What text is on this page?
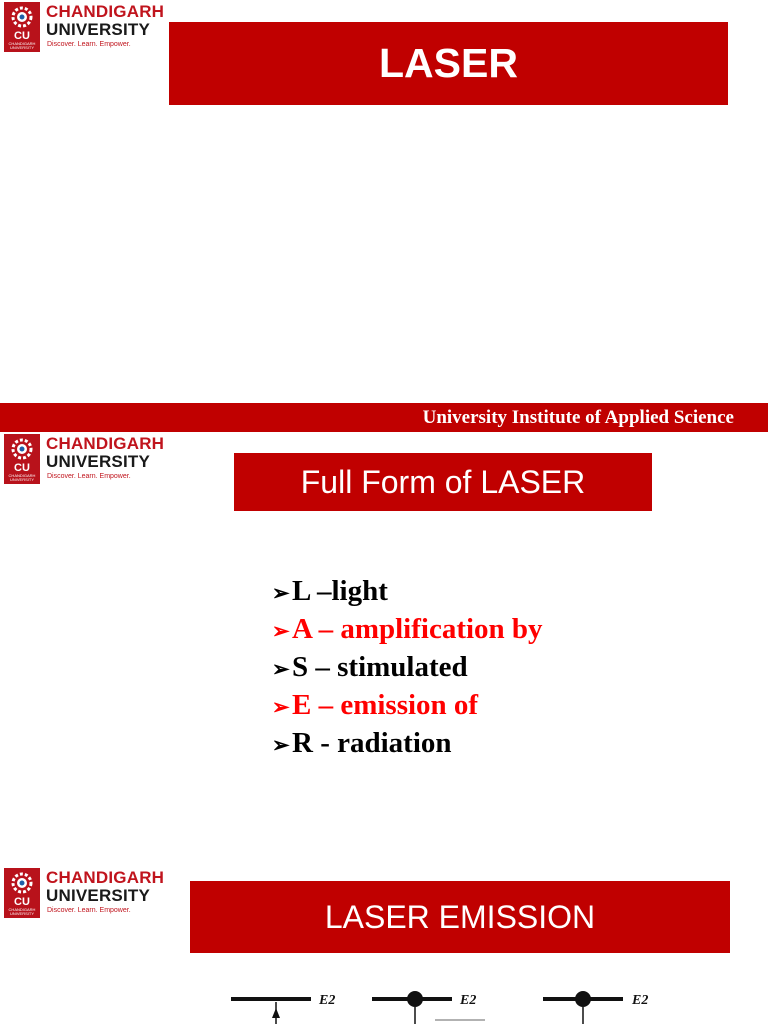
CU
CHANDIGARH UNIVERSITY
CHANDIGARH
UNIVERSITY
Discover. Learn. Empower.	LASER
University Institute of Applied Science
CU
CHANDIGARH UNIVERSITY
CHANDIGARH
UNIVERSITY
Discover. Learn. Empower.	Full Form of LASER
➢L –light
➢A – amplification by
➢S – stimulated
➢E – emission of
➢R - radiation
CU
CHANDIGARH UNIVERSITY
CHANDIGARH
UNIVERSITY
Discover. Learn. Empower.	LASER EMISSION
E2	E2	E2
